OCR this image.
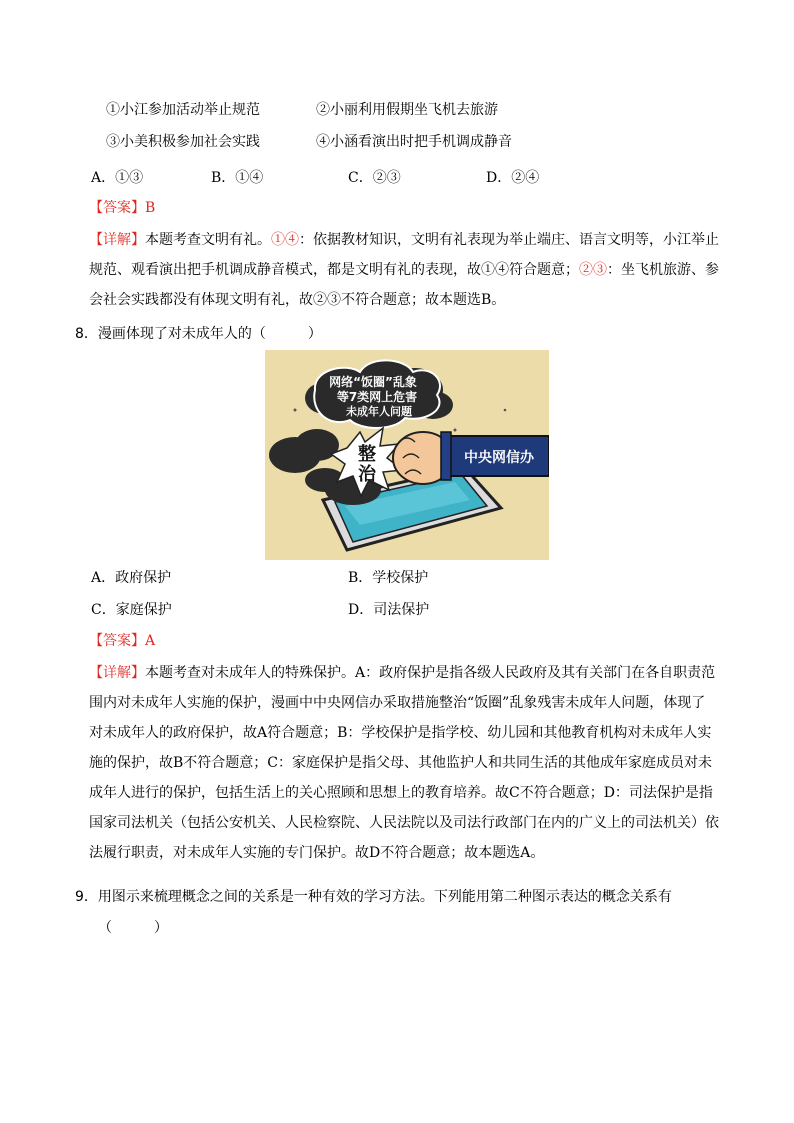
①小江参加活动举止规范	②小丽利用假期坐飞机去旅游
③小美积极参加社会实践	④小涵看演出时把手机调成静音
A．①③	B．①④	C．②③	D．②④
【答案】B
【详解】本题考查文明有礼。①④：依据教材知识，文明有礼表现为举止端庄、语言文明等，小江举止
规范、观看演出把手机调成静音模式，都是文明有礼的表现，故①④符合题意；②③：坐飞机旅游、参
会社会实践都没有体现文明有礼，故②③不符合题意；故本题选B。
8．漫画体现了对未成年人的（　　　）
网络“饭圈”乱象
等7类网上危害
未成年人问题
整
治
中央网信办
A．政府保护	B．学校保护
C．家庭保护	D．司法保护
【答案】A
【详解】本题考查对未成年人的特殊保护。A：政府保护是指各级人民政府及其有关部门在各自职责范
围内对未成年人实施的保护，漫画中中央网信办采取措施整治“饭圈”乱象残害未成年人问题，体现了
对未成年人的政府保护，故A符合题意；B：学校保护是指学校、幼儿园和其他教育机构对未成年人实
施的保护，故B不符合题意；C：家庭保护是指父母、其他监护人和共同生活的其他成年家庭成员对未
成年人进行的保护，包括生活上的关心照顾和思想上的教育培养。故C不符合题意；D：司法保护是指
国家司法机关（包括公安机关、人民检察院、人民法院以及司法行政部门在内的广义上的司法机关）依
法履行职责，对未成年人实施的专门保护。故D不符合题意；故本题选A。
9．用图示来梳理概念之间的关系是一种有效的学习方法。下列能用第二种图示表达的概念关系有
（　　　）
